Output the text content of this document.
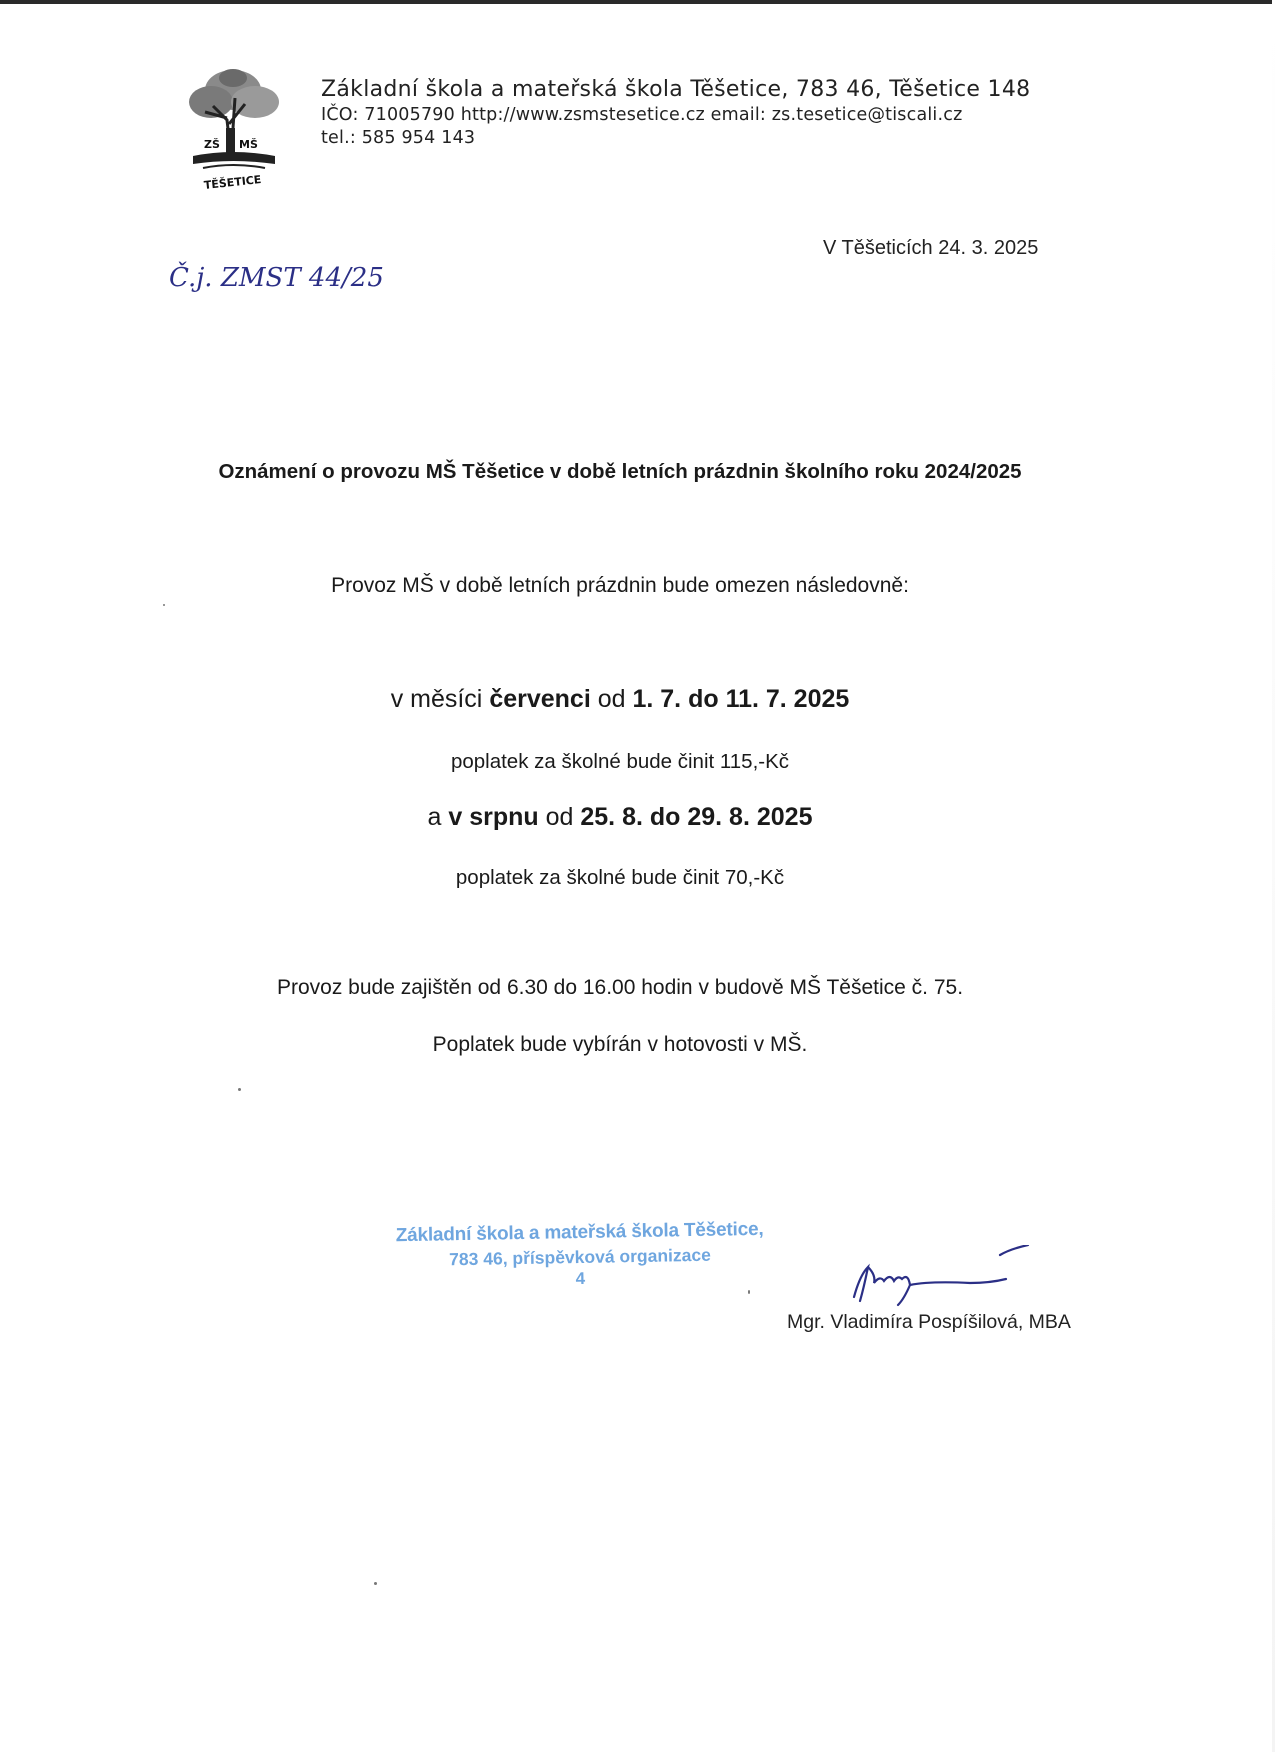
ZŠ MŠ
TĚŠETICE
Základní škola a mateřská škola Těšetice, 783 46, Těšetice 148
IČO: 71005790 http://www.zsmstesetice.cz email: zs.tesetice@tiscali.cz
tel.: 585 954 143
Č.j. ZMST 44/25
V Těšeticích 24. 3. 2025
Oznámení o provozu MŠ Těšetice v době letních prázdnin školního roku 2024/2025
Provoz MŠ v době letních prázdnin bude omezen následovně:
v měsíci červenci od 1. 7. do 11. 7. 2025
poplatek za školné bude činit 115,-Kč
a v srpnu od 25. 8. do 29. 8. 2025
poplatek za školné bude činit 70,-Kč
Provoz bude zajištěn od 6.30 do 16.00 hodin v budově MŠ Těšetice č. 75.
Poplatek bude vybírán v hotovosti v MŠ.
Základní škola a mateřská škola Těšetice,
783 46, příspěvková organizace
4
Mgr. Vladimíra Pospíšilová, MBA
